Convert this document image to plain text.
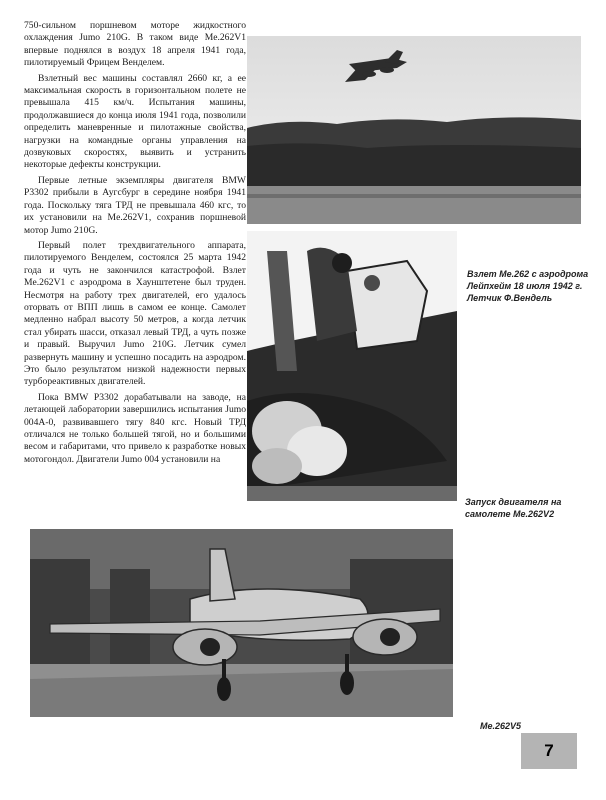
750-сильном поршневом моторе жидкостного охлаждения Jumo 210G. В таком виде Me.262V1 впервые поднялся в воздух 18 апреля 1941 года, пилотируемый Фрицем Венделем.

Взлетный вес машины составлял 2660 кг, а ее максимальная скорость в горизонтальном полете не превышала 415 км/ч. Испытания машины, продолжавшиеся до конца июля 1941 года, позволили определить маневренные и пилотажные свойства, нагрузки на командные органы управления на дозвуковых скоростях, выявить и устранить некоторые дефекты конструкции.

Первые летные экземпляры двигателя BMW P3302 прибыли в Аугсбург в середине ноября 1941 года. Поскольку тяга ТРД не превышала 460 кгс, то их установили на Me.262V1, сохранив поршневой мотор Jumo 210G.

Первый полет трехдвигательного аппарата, пилотируемого Венделем, состоялся 25 марта 1942 года и чуть не закончился катастрофой. Взлет Me.262V1 с аэродрома в Хаунштетене был труден. Несмотря на работу трех двигателей, его удалось оторвать от ВПП лишь в самом ее конце. Самолет медленно набрал высоту 50 метров, а когда летчик стал убирать шасси, отказал левый ТРД, а чуть позже и правый. Выручил Jumo 210G. Летчик сумел развернуть машину и успешно посадить на аэродром. Это было результатом низкой надежности первых турбореактивных двигателей.

Пока BMW P3302 дорабатывали на заводе, на летающей лаборатории завершились испытания Jumo 004A-0, развивавшего тягу 840 кгс. Новый ТРД отличался не только большей тягой, но и большими весом и габаритами, что привело к разработке новых мотогондол. Двигатели Jumo 004 установили на

Взлет Me.262 с аэродрома
Лейпхейм 18 июля 1942 г.
Летчик Ф.Вендель
Запуск двигателя на
самолете Me.262V2
Me.262V5
7
